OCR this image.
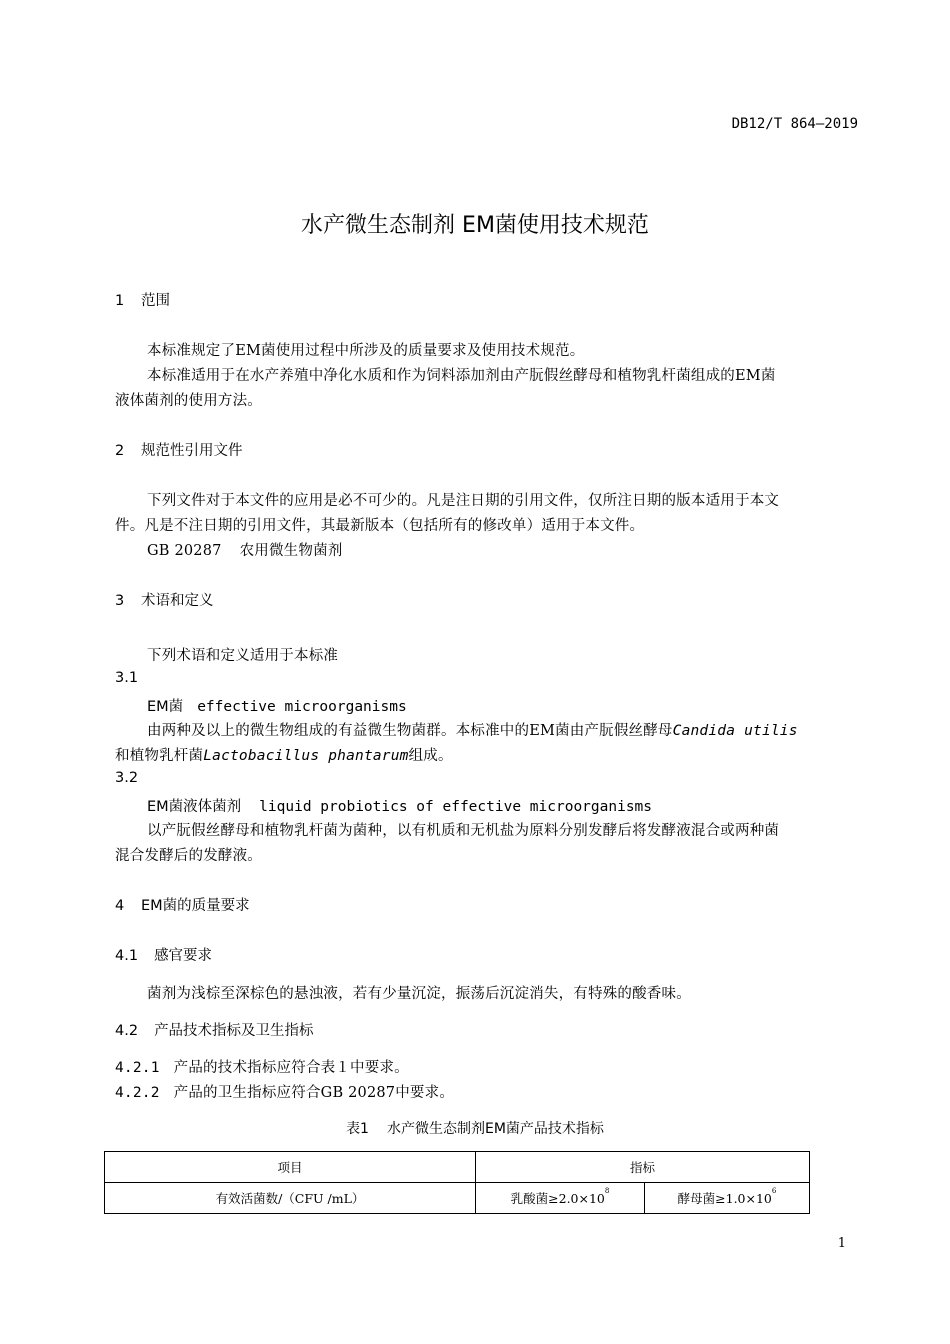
DB12/T 864—2019
水产微生态制剂 EM菌使用技术规范
1 范围
本标准规定了EM菌使用过程中所涉及的质量要求及使用技术规范。
本标准适用于在水产养殖中净化水质和作为饲料添加剂由产朊假丝酵母和植物乳杆菌组成的EM菌
液体菌剂的使用方法。
2 规范性引用文件
下列文件对于本文件的应用是必不可少的。凡是注日期的引用文件，仅所注日期的版本适用于本文
件。凡是不注日期的引用文件，其最新版本（包括所有的修改单）适用于本文件。
GB 20287 农用微生物菌剂
3 术语和定义
下列术语和定义适用于本标准
3.1
EM菌 effective microorganisms
由两种及以上的微生物组成的有益微生物菌群。本标准中的EM菌由产朊假丝酵母Candida utilis
和植物乳杆菌Lactobacillus phantarum组成。
3.2
EM菌液体菌剂 liquid probiotics of effective microorganisms
以产朊假丝酵母和植物乳杆菌为菌种，以有机质和无机盐为原料分别发酵后将发酵液混合或两种菌
混合发酵后的发酵液。
4 EM菌的质量要求
4.1 感官要求
菌剂为浅棕至深棕色的悬浊液，若有少量沉淀，振荡后沉淀消失，有特殊的酸香味。
4.2 产品技术指标及卫生指标
4.2.1 产品的技术指标应符合表１中要求。
4.2.2 产品的卫生指标应符合GB 20287中要求。
表1 水产微生态制剂EM菌产品技术指标
项目	指标	
有效活菌数/（CFU /mL）	乳酸菌$\ge 2.0\times 10^8$	酵母菌$\ge 1.0\times 10^6$
1
